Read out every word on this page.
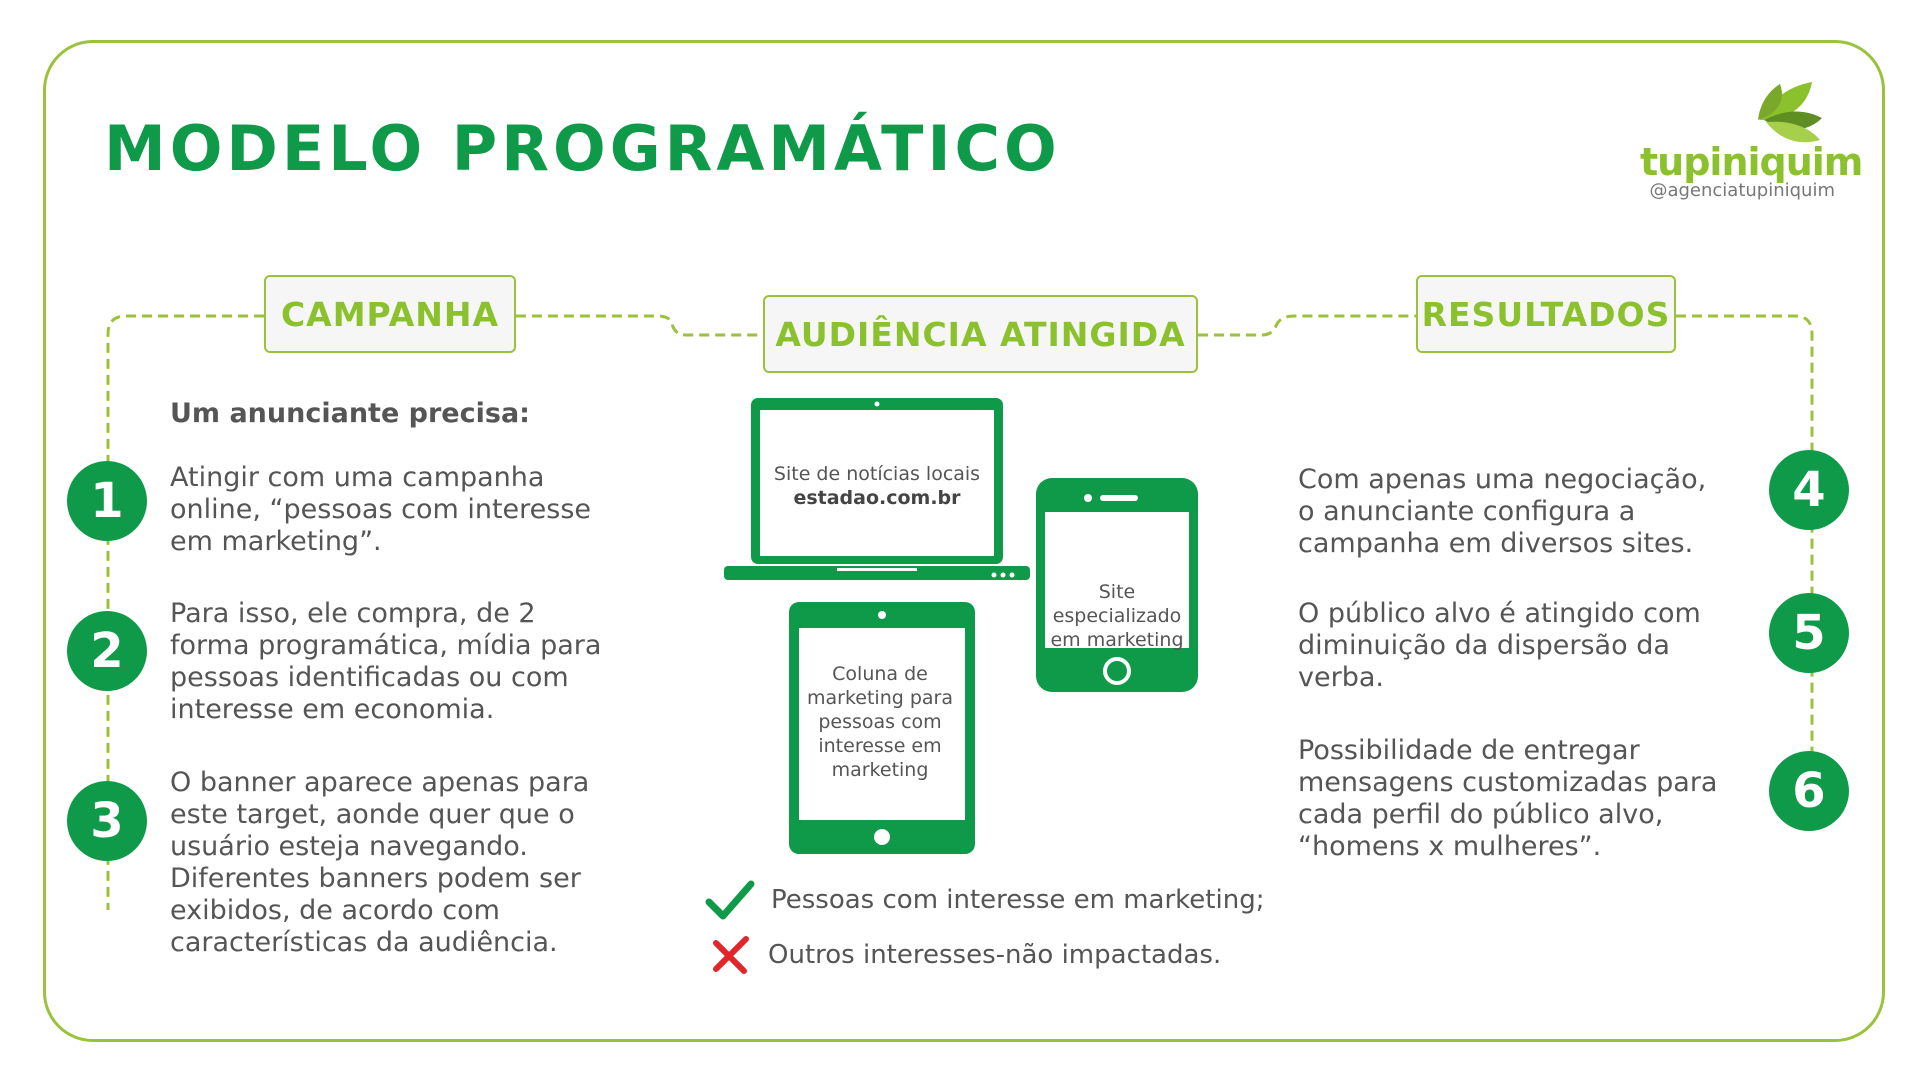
MODELO PROGRAMÁTICO	tupiniquim
@agenciatupiniquim
CAMPANHA
AUDIÊNCIA ATINGIDA
RESULTADOS
Um anunciante precisa:
1	Atingir com uma campanha online, “pessoas com interesse em marketing”.
2
Para isso, ele compra, de 2 forma programática, mídia para pessoas identificadas ou com interesse em economia.
3
O banner aparece apenas para este target, aonde quer que o usuário esteja navegando. Diferentes banners podem ser exibidos, de acordo com características da audiência.
4
Com apenas uma negociação, o anunciante configura a campanha em diversos sites.
5
O público alvo é atingido com diminuição da dispersão da verba.
6
Possibilidade de entregar mensagens customizadas para cada perfil do público alvo, “homens x mulheres”.
Site de notícias locais
estadao.com.br
Coluna de marketing para pessoas com interesse em marketing
Site especializado em marketing
Pessoas com interesse em marketing;
Outros interesses-não impactadas.
